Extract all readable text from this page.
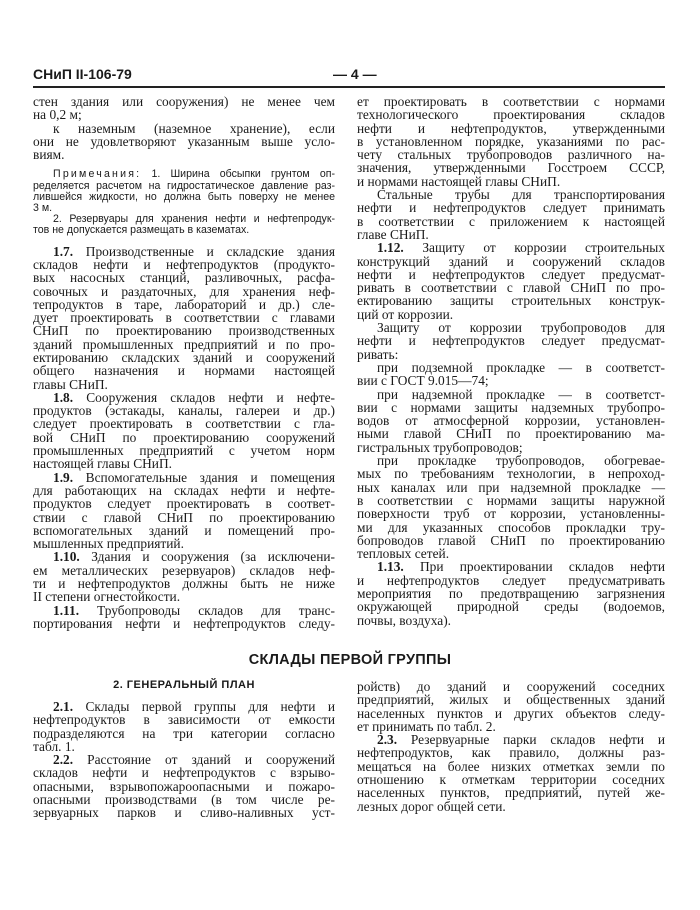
СНиП II-106-79	— 4 —
стен здания или сооружения) не менее чем
на 0,2 м;
к наземным (наземное хранение), если
они не удовлетворяют указанным выше усло-
виям.
Примечания: 1. Ширина обсыпки грунтом оп-
ределяется расчетом на гидростатическое давление раз-
лившейся жидкости, но должна быть поверху не менее
3 м.
2. Резервуары для хранения нефти и нефтепродук-
тов не допускается размещать в казематах.
1.7. Производственные и складские здания
складов нефти и нефтепродуктов (продукто-
вых насосных станций, разливочных, расфа-
совочных и раздаточных, для хранения неф-
тепродуктов в таре, лабораторий и др.) сле-
дует проектировать в соответствии с главами
СНиП по проектированию производственных
зданий промышленных предприятий и по про-
ектированию складских зданий и сооружений
общего назначения и нормами настоящей
главы СНиП.
1.8. Сооружения складов нефти и нефте-
продуктов (эстакады, каналы, галереи и др.)
следует проектировать в соответствии с гла-
вой СНиП по проектированию сооружений
промышленных предприятий с учетом норм
настоящей главы СНиП.
1.9. Вспомогательные здания и помещения
для работающих на складах нефти и нефте-
продуктов следует проектировать в соответ-
ствии с главой СНиП по проектированию
вспомогательных зданий и помещений про-
мышленных предприятий.
1.10. Здания и сооружения (за исключени-
ем металлических резервуаров) складов неф-
ти и нефтепродуктов должны быть не ниже
II степени огнестойкости.
1.11. Трубопроводы складов для транс-
портирования нефти и нефтепродуктов следу-
ет проектировать в соответствии с нормами
технологического проектирования складов
нефти и нефтепродуктов, утвержденными
в установленном порядке, указаниями по рас-
чету стальных трубопроводов различного на-
значения, утвержденными Госстроем СССР,
и нормами настоящей главы СНиП.
Стальные трубы для транспортирования
нефти и нефтепродуктов следует принимать
в соответствии с приложением к настоящей
главе СНиП.
1.12. Защиту от коррозии строительных
конструкций зданий и сооружений складов
нефти и нефтепродуктов следует предусмат-
ривать в соответствии с главой СНиП по про-
ектированию защиты строительных конструк-
ций от коррозии.
Защиту от коррозии трубопроводов для
нефти и нефтепродуктов следует предусмат-
ривать:
при подземной прокладке — в соответст-
вии с ГОСТ 9.015—74;
при надземной прокладке — в соответст-
вии с нормами защиты надземных трубопро-
водов от атмосферной коррозии, установлен-
ными главой СНиП по проектированию ма-
гистральных трубопроводов;
при прокладке трубопроводов, обогревае-
мых по требованиям технологии, в непроход-
ных каналах или при надземной прокладке —
в соответствии с нормами защиты наружной
поверхности труб от коррозии, установленны-
ми для указанных способов прокладки тру-
бопроводов главой СНиП по проектированию
тепловых сетей.
1.13. При проектировании складов нефти
и нефтепродуктов следует предусматривать
мероприятия по предотвращению загрязнения
окружающей природной среды (водоемов,
почвы, воздуха).
СКЛАДЫ ПЕРВОЙ ГРУППЫ
2. ГЕНЕРАЛЬНЫЙ ПЛАН
2.1. Склады первой группы для нефти и
нефтепродуктов в зависимости от емкости
подразделяются на три категории согласно
табл. 1.
2.2. Расстояние от зданий и сооружений
складов нефти и нефтепродуктов с взрыво-
опасными, взрывопожароопасными и пожаро-
опасными производствами (в том числе ре-
зервуарных парков и сливо-наливных уст-
ройств) до зданий и сооружений соседних
предприятий, жилых и общественных зданий
населенных пунктов и других объектов следу-
ет принимать по табл. 2.
2.3. Резервуарные парки складов нефти и
нефтепродуктов, как правило, должны раз-
мещаться на более низких отметках земли по
отношению к отметкам территории соседних
населенных пунктов, предприятий, путей же-
лезных дорог общей сети.
